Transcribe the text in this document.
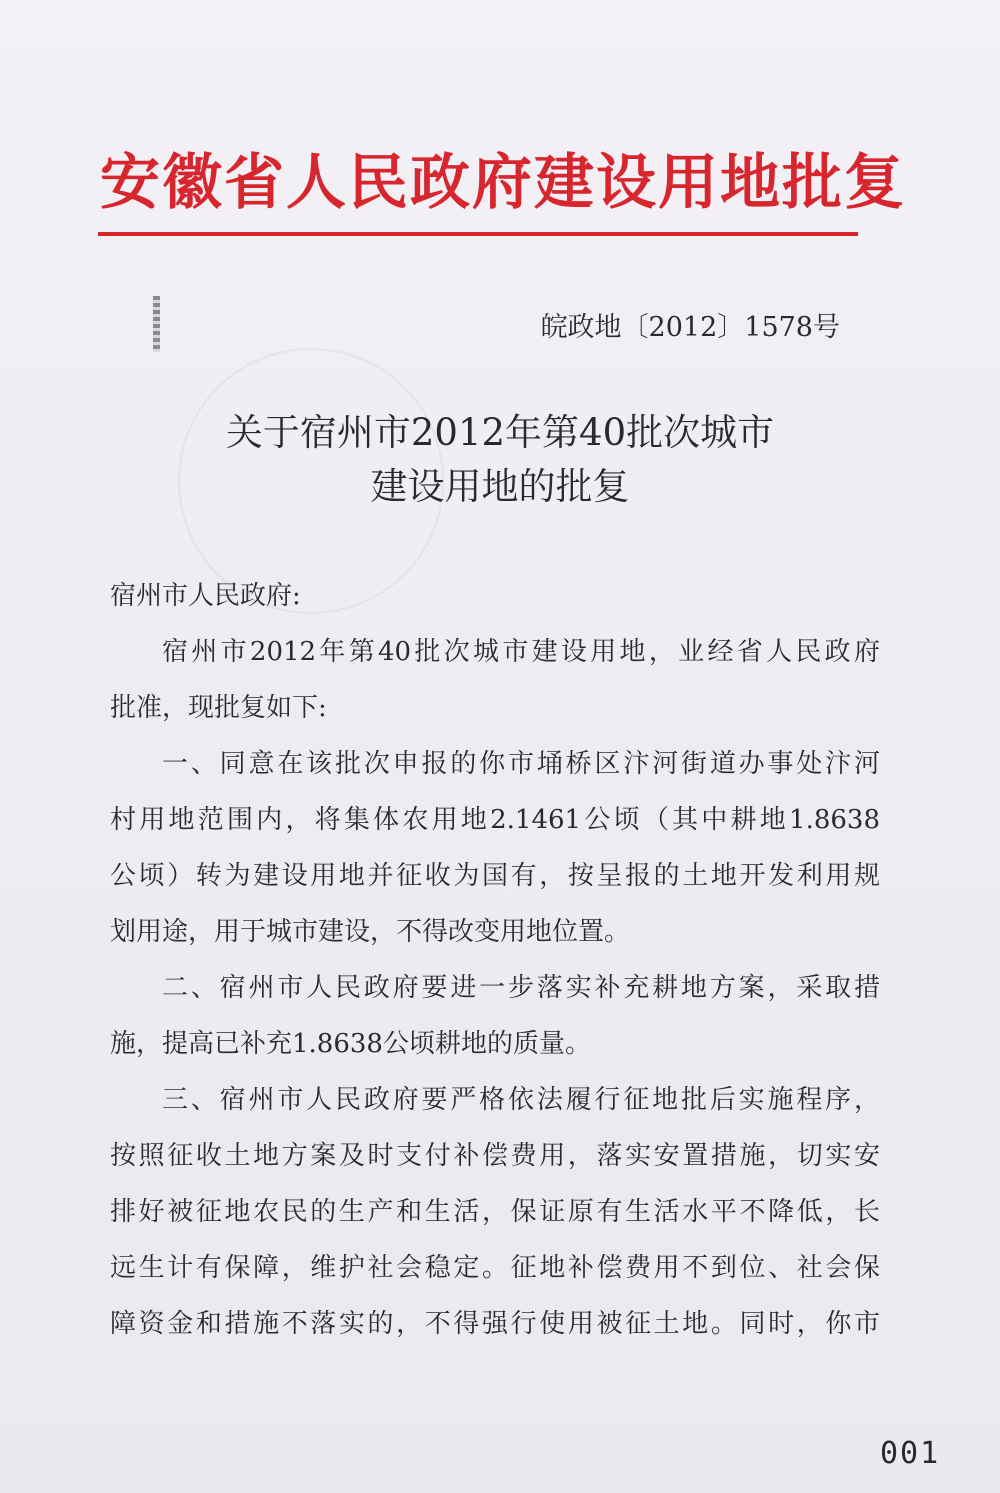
安徽省人民政府建设用地批复
皖政地〔2012〕1578号
关于宿州市2012年第40批次城市
建设用地的批复

宿州市人民政府:

宿州市2012年第40批次城市建设用地，业经省人民政府
批准，现批复如下:
一、同意在该批次申报的你市埇桥区汴河街道办事处汴河
村用地范围内，将集体农用地2.1461公顷（其中耕地1.8638
公顷）转为建设用地并征收为国有，按呈报的土地开发利用规
划用途，用于城市建设，不得改变用地位置。
二、宿州市人民政府要进一步落实补充耕地方案，采取措
施，提高已补充1.8638公顷耕地的质量。
三、宿州市人民政府要严格依法履行征地批后实施程序，
按照征收土地方案及时支付补偿费用，落实安置措施，切实安
排好被征地农民的生产和生活，保证原有生活水平不降低，长
远生计有保障，维护社会稳定。征地补偿费用不到位、社会保
障资金和措施不落实的，不得强行使用被征土地。同时，你市
001
